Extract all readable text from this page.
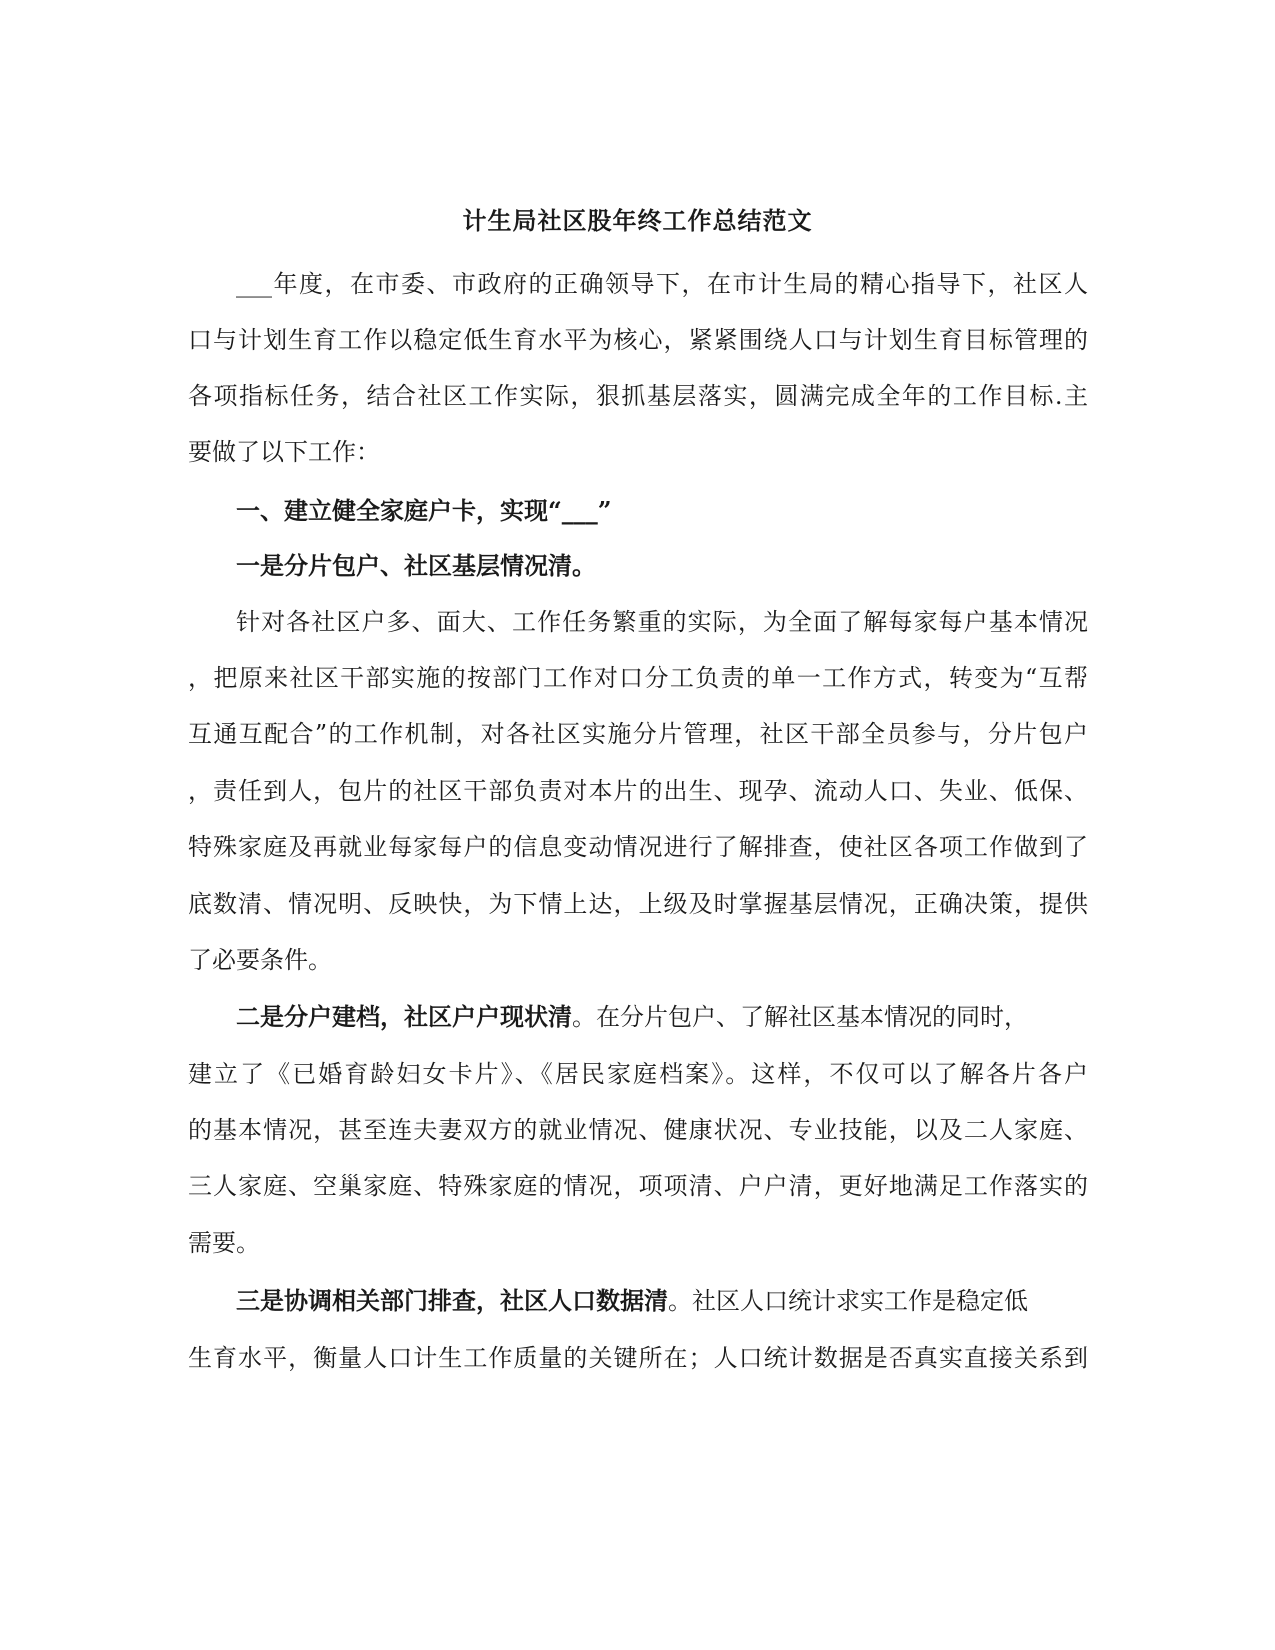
计生局社区股年终工作总结范文
___年度，在市委、市政府的正确领导下，在市计生局的精心指导下，社区人
口与计划生育工作以稳定低生育水平为核心，紧紧围绕人口与计划生育目标管理的
各项指标任务，结合社区工作实际，狠抓基层落实，圆满完成全年的工作目标.主
要做了以下工作：
一、建立健全家庭户卡，实现“___”
一是分片包户、社区基层情况清。
针对各社区户多、面大、工作任务繁重的实际，为全面了解每家每户基本情况
，把原来社区干部实施的按部门工作对口分工负责的单一工作方式，转变为“互帮
互通互配合”的工作机制，对各社区实施分片管理，社区干部全员参与，分片包户
，责任到人，包片的社区干部负责对本片的出生、现孕、流动人口、失业、低保、
特殊家庭及再就业每家每户的信息变动情况进行了解排查，使社区各项工作做到了
底数清、情况明、反映快，为下情上达，上级及时掌握基层情况，正确决策，提供
了必要条件。
二是分户建档，社区户户现状清。在分片包户、了解社区基本情况的同时，
建立了《已婚育龄妇女卡片》、《居民家庭档案》。这样，不仅可以了解各片各户
的基本情况，甚至连夫妻双方的就业情况、健康状况、专业技能，以及二人家庭、
三人家庭、空巢家庭、特殊家庭的情况，项项清、户户清，更好地满足工作落实的
需要。
三是协调相关部门排查，社区人口数据清。社区人口统计求实工作是稳定低
生育水平，衡量人口计生工作质量的关键所在；人口统计数据是否真实直接关系到
